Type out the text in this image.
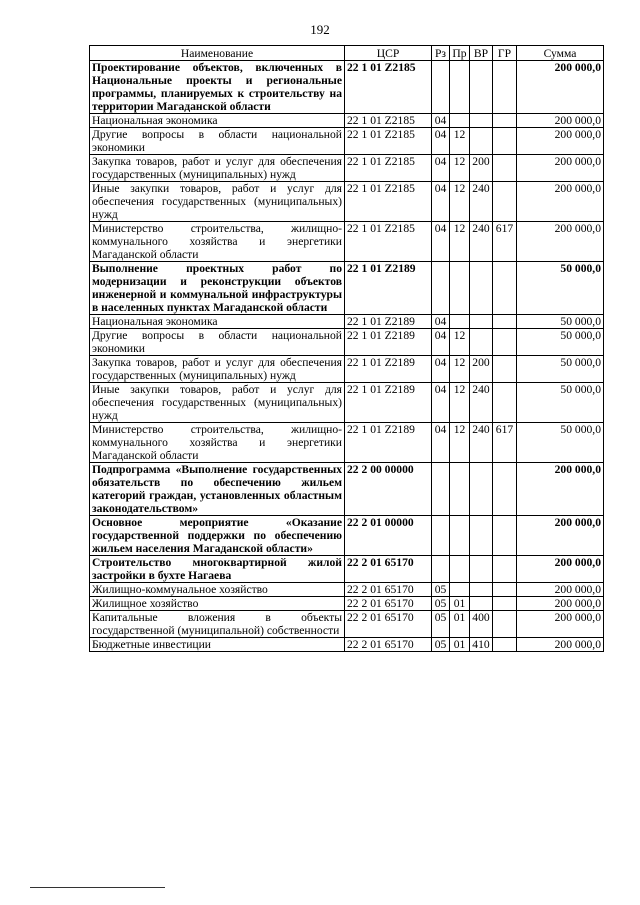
192
Наименование	ЦСР	Рз	Пр	ВР	ГР	Сумма
Проектирование объектов, включенных в Национальные проекты и региональные программы, планируемых к строительству на территории Магаданской области	22 1 01 Z2185					200 000,0
Национальная экономика	22 1 01 Z2185	04				200 000,0
Другие вопросы в области национальной экономики	22 1 01 Z2185	04	12			200 000,0
Закупка товаров, работ и услуг для обеспечения государственных (муниципальных) нужд	22 1 01 Z2185	04	12	200		200 000,0
Иные закупки товаров, работ и услуг для обеспечения государственных (муниципальных) нужд	22 1 01 Z2185	04	12	240		200 000,0
Министерство строительства, жилищно-коммунального хозяйства и энергетики Магаданской области	22 1 01 Z2185	04	12	240	617	200 000,0
Выполнение проектных работ по модернизации и реконструкции объектов инженерной и коммунальной инфраструктуры в населенных пунктах Магаданской области	22 1 01 Z2189					50 000,0
Национальная экономика	22 1 01 Z2189	04				50 000,0
Другие вопросы в области национальной экономики	22 1 01 Z2189	04	12			50 000,0
Закупка товаров, работ и услуг для обеспечения государственных (муниципальных) нужд	22 1 01 Z2189	04	12	200		50 000,0
Иные закупки товаров, работ и услуг для обеспечения государственных (муниципальных) нужд	22 1 01 Z2189	04	12	240		50 000,0
Министерство строительства, жилищно-коммунального хозяйства и энергетики Магаданской области	22 1 01 Z2189	04	12	240	617	50 000,0
Подпрограмма «Выполнение государственных обязательств по обеспечению жильем категорий граждан, установленных областным законодательством»	22 2 00 00000					200 000,0
Основное мероприятие «Оказание государственной поддержки по обеспечению жильем населения Магаданской области»	22 2 01 00000					200 000,0
Строительство многоквартирной жилой застройки в бухте Нагаева	22 2 01 65170					200 000,0
Жилищно-коммунальное хозяйство	22 2 01 65170	05				200 000,0
Жилищное хозяйство	22 2 01 65170	05	01			200 000,0
Капитальные вложения в объекты государственной (муниципальной) собственности	22 2 01 65170	05	01	400		200 000,0
Бюджетные инвестиции	22 2 01 65170	05	01	410		200 000,0
